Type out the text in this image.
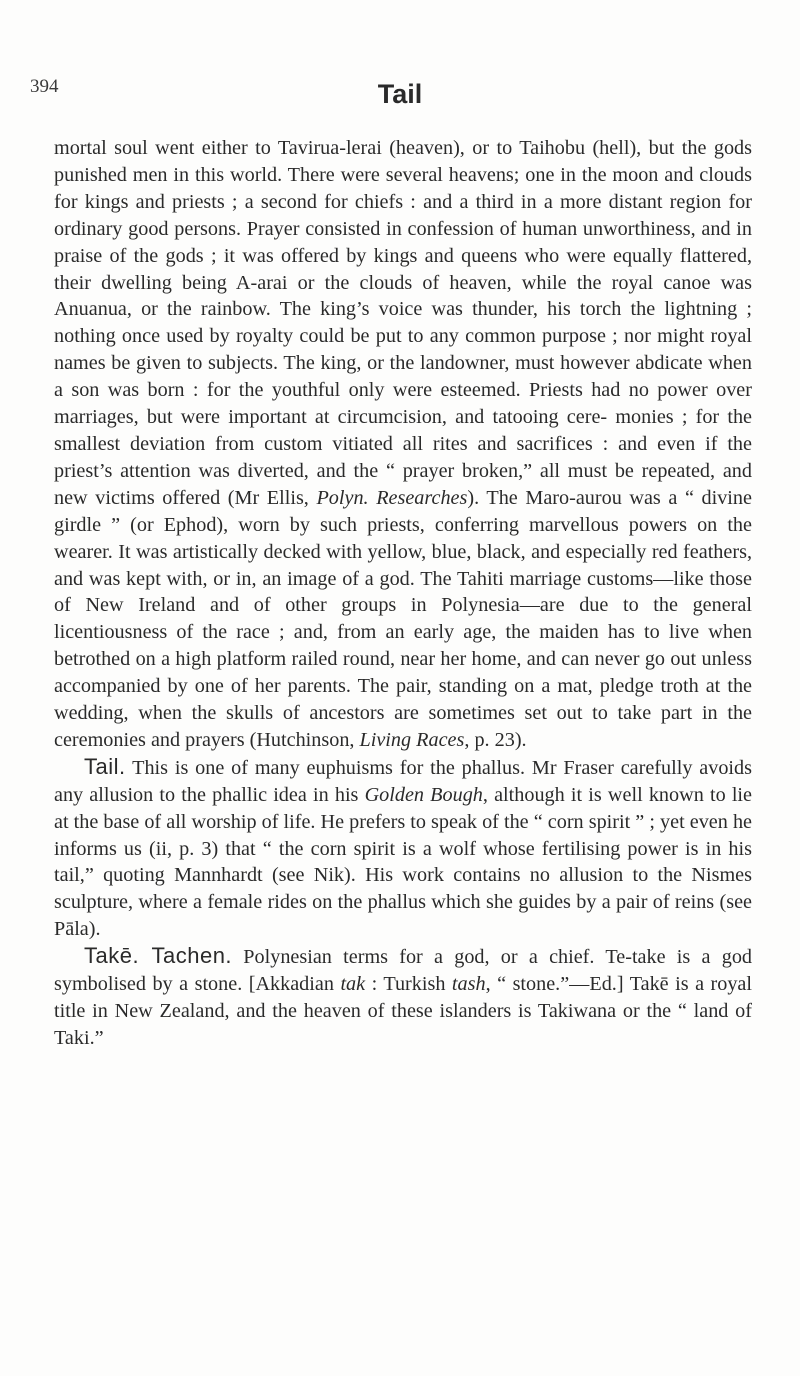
394	Tail

mortal soul went either to Tavirua-lerai (heaven), or to Taihobu (hell), but the gods punished men in this world. There were several heavens; one in the moon and clouds for kings and priests ; a second for chiefs : and a third in a more distant region for ordinary good persons. Prayer consisted in confession of human unworthiness, and in praise of the gods ; it was offered by kings and queens who were equally flattered, their dwelling being A-arai or the clouds of heaven, while the royal canoe was Anuanua, or the rainbow. The king’s voice was thunder, his torch the lightning ; nothing once used by royalty could be put to any common purpose ; nor might royal names be given to subjects. The king, or the landowner, must however abdicate when a son was born : for the youthful only were esteemed. Priests had no power over marriages, but were important at circumcision, and tatooing cere- monies ; for the smallest deviation from custom vitiated all rites and sacrifices : and even if the priest’s attention was diverted, and the “ prayer broken,” all must be repeated, and new victims offered (Mr Ellis, Polyn. Researches). The Maro-aurou was a “ divine girdle ” (or Ephod), worn by such priests, conferring marvellous powers on the wearer. It was artistically decked with yellow, blue, black, and especially red feathers, and was kept with, or in, an image of a god. The Tahiti marriage customs—like those of New Ireland and of other groups in Polynesia—are due to the general licentiousness of the race ; and, from an early age, the maiden has to live when betrothed on a high platform railed round, near her home, and can never go out unless accompanied by one of her parents. The pair, standing on a mat, pledge troth at the wedding, when the skulls of ancestors are sometimes set out to take part in the ceremonies and prayers (Hutchinson, Living Races, p. 23).

Tail. This is one of many euphuisms for the phallus. Mr Fraser carefully avoids any allusion to the phallic idea in his Golden Bough, although it is well known to lie at the base of all worship of life. He prefers to speak of the “ corn spirit ” ; yet even he informs us (ii, p. 3) that “ the corn spirit is a wolf whose fertilising power is in his tail,” quoting Mannhardt (see Nik). His work contains no allusion to the Nismes sculpture, where a female rides on the phallus which she guides by a pair of reins (see Pāla).

Takē. Tachen. Polynesian terms for a god, or a chief. Te-take is a god symbolised by a stone. [Akkadian tak : Turkish tash, “ stone.”—Ed.] Takē is a royal title in New Zealand, and the heaven of these islanders is Takiwana or the “ land of Taki.”
